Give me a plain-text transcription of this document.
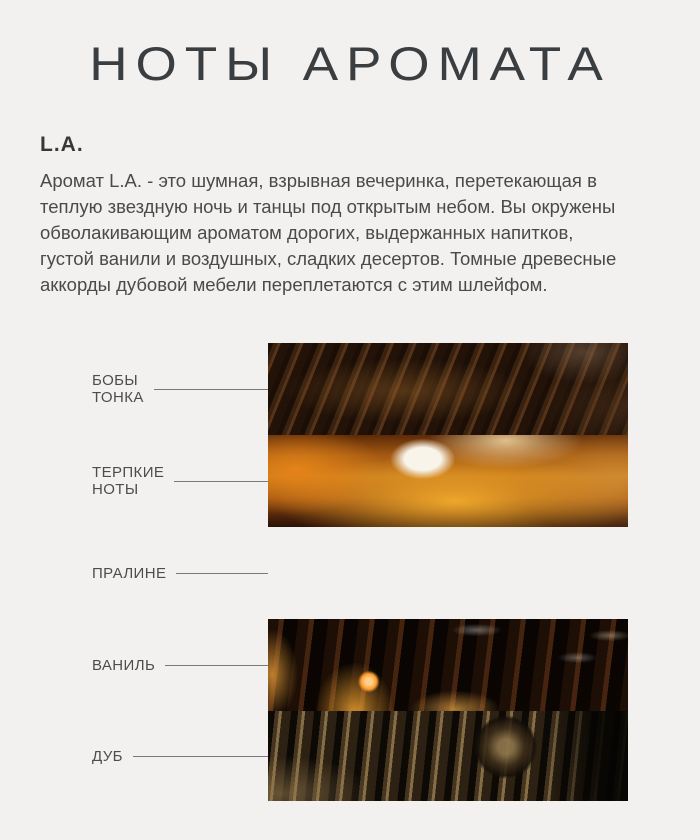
НОТЫ АРОМАТА
L.A.
Аромат L.A. - это шумная, взрывная вечеринка, перетекающая в
теплую звездную ночь и танцы под открытым небом. Вы окружены
обволакивающим ароматом дорогих, выдержанных напитков,
густой ванили и воздушных, сладких десертов. Томные древесные
аккорды дубовой мебели переплетаются с этим шлейфом.
БОБЫ
ТОНКА
ТЕРПКИЕ
НОТЫ
ПРАЛИНЕ
ВАНИЛЬ
ДУБ
